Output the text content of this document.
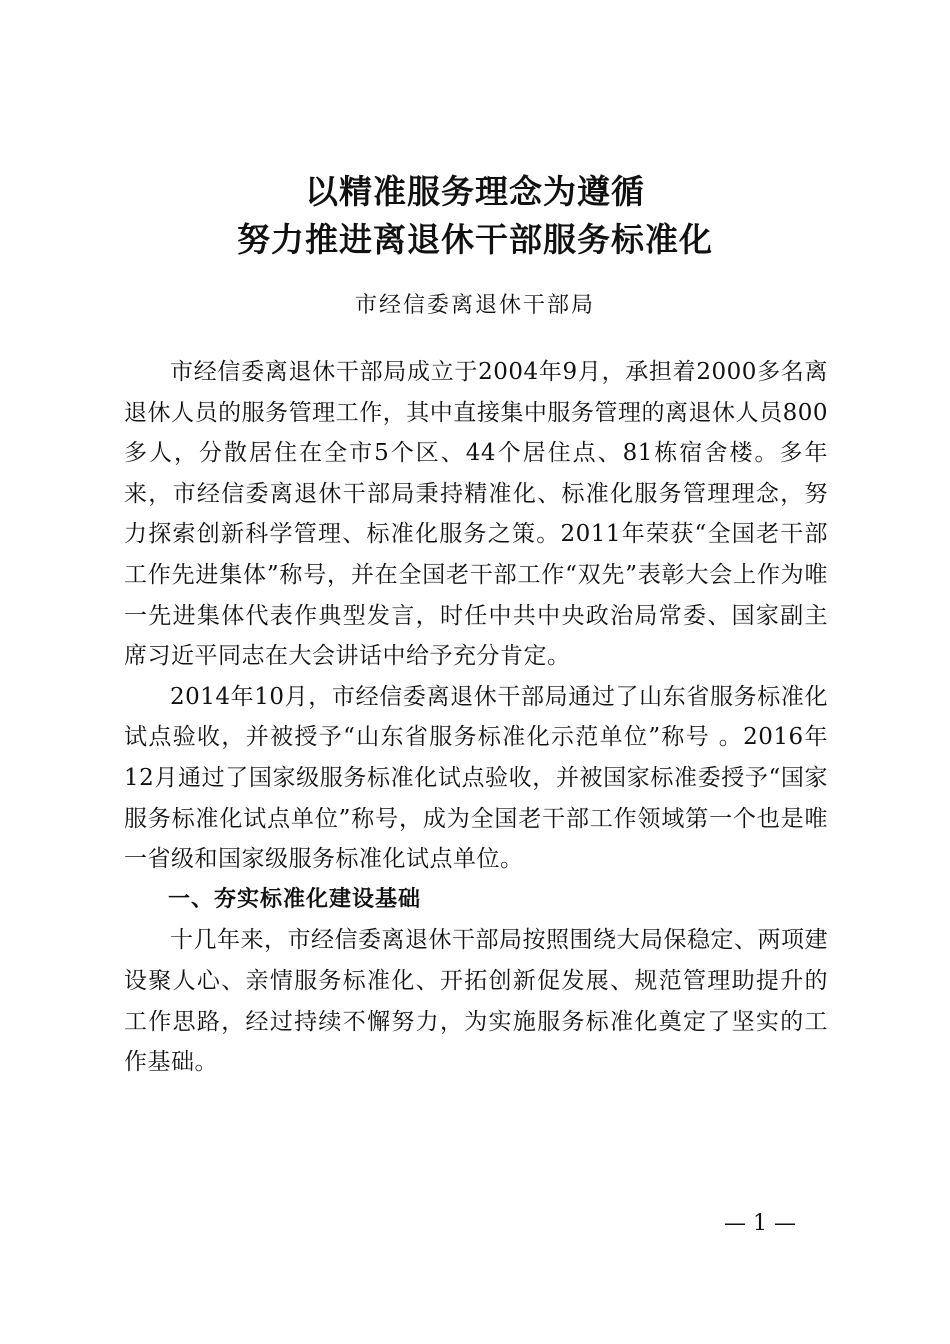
以精准服务理念为遵循
努力推进离退休干部服务标准化
市经信委离退休干部局

市经信委离退休干部局成立于2004年9月，承担着2000多名离退休人员的服务管理工作，其中直接集中服务管理的离退休人员800多人，分散居住在全市5个区、44个居住点、81栋宿舍楼。多年来，市经信委离退休干部局秉持精准化、标准化服务管理理念，努力探索创新科学管理、标准化服务之策。2011年荣获“全国老干部工作先进集体”称号，并在全国老干部工作“双先”表彰大会上作为唯一先进集体代表作典型发言，时任中共中央政治局常委、国家副主席习近平同志在大会讲话中给予充分肯定。

2014年10月，市经信委离退休干部局通过了山东省服务标准化试点验收，并被授予“山东省服务标准化示范单位”称号 。2016年12月通过了国家级服务标准化试点验收，并被国家标准委授予“国家服务标准化试点单位”称号，成为全国老干部工作领域第一个也是唯一省级和国家级服务标准化试点单位。

一、夯实标准化建设基础

十几年来，市经信委离退休干部局按照围绕大局保稳定、两项建设聚人心、亲情服务标准化、开拓创新促发展、规范管理助提升的工作思路，经过持续不懈努力，为实施服务标准化奠定了坚实的工作基础。

— 1 —
